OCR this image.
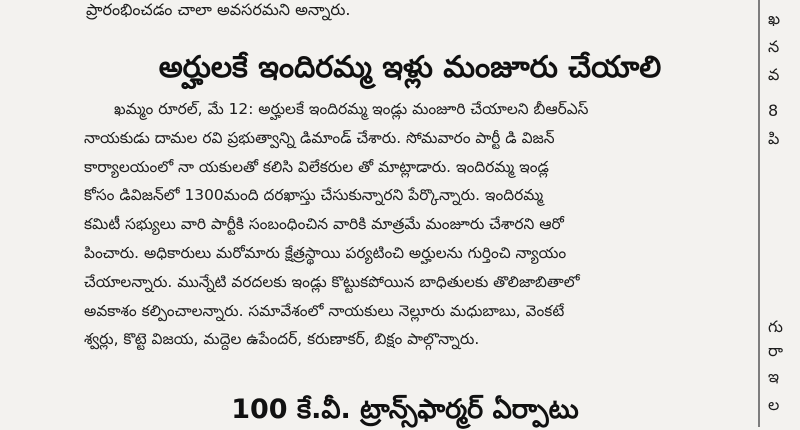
ప్రారంభించడం చాలా అవసరమని అన్నారు.
అర్హులకే ఇందిరమ్మ ఇళ్లు మంజూరు చేయాలి
ఖమ్మం రూరల్, మే 12: అర్హులకే ఇందిరమ్మ ఇండ్లు మంజూరి చేయాలని బీఆర్ఎస్
నాయకుడు దామల రవి ప్రభుత్వాన్ని డిమాండ్ చేశారు. సోమవారం పార్టీ డి విజన్
కార్యాలయంలో నా యకులతో కలిసి విలేకరుల తో మాట్లాడారు. ఇందిరమ్మ ఇండ్ల
కోసం డివిజన్‌లో 1300మంది దరఖాస్తు చేసుకున్నారని పేర్కొన్నారు. ఇందిరమ్మ
కమిటీ సభ్యులు వారి పార్టీకి సంబంధించిన వారికి మాత్రమే మంజూరు చేశారని ఆరో
పించారు. అధికారులు మరోమారు క్షేత్రస్థాయి పర్యటించి అర్హులను గుర్తించి న్యాయం
చేయాలన్నారు. మున్నేటి వరదలకు ఇండ్లు కొట్టుకపోయిన బాధితులకు తొలిజాబితాలో
అవకాశం కల్పించాలన్నారు. సమావేశంలో నాయకులు నెల్లూరు మధుబాబు, వెంకటే
శ్వర్లు, కొట్టె విజయ, మద్దెల ఉపేందర్, కరుణాకర్, బిక్షం పాల్గొన్నారు.
100 కే.వీ. ట్రాన్స్‌ఫార్మర్ ఏర్పాటు
ఖ
న
వ
8
పి
గు
రా
ఇ
ల
